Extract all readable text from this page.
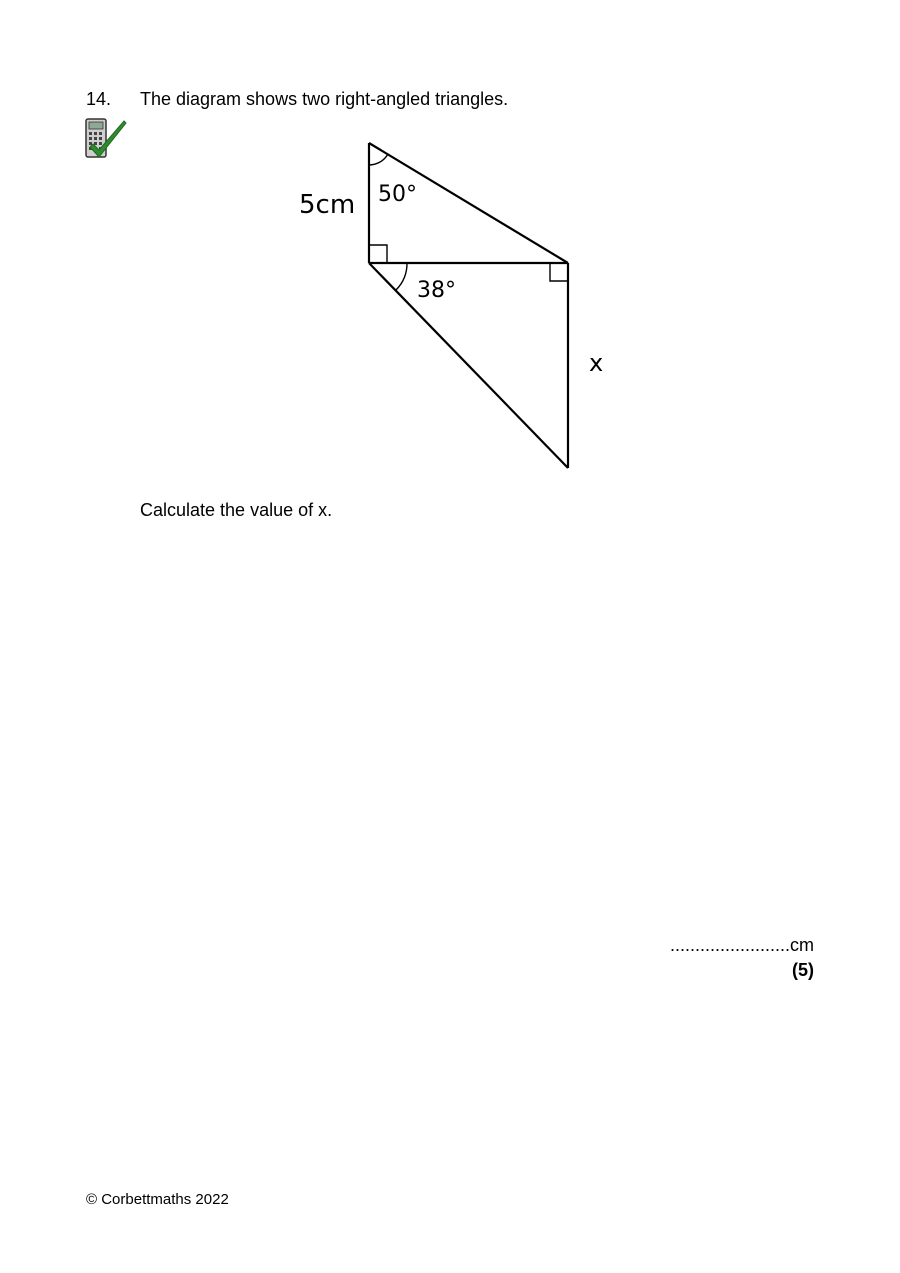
14. The diagram shows two right-angled triangles.
5cm 50°
38°
x
Calculate the value of x.
........................cm
(5)
© Corbettmaths 2022
